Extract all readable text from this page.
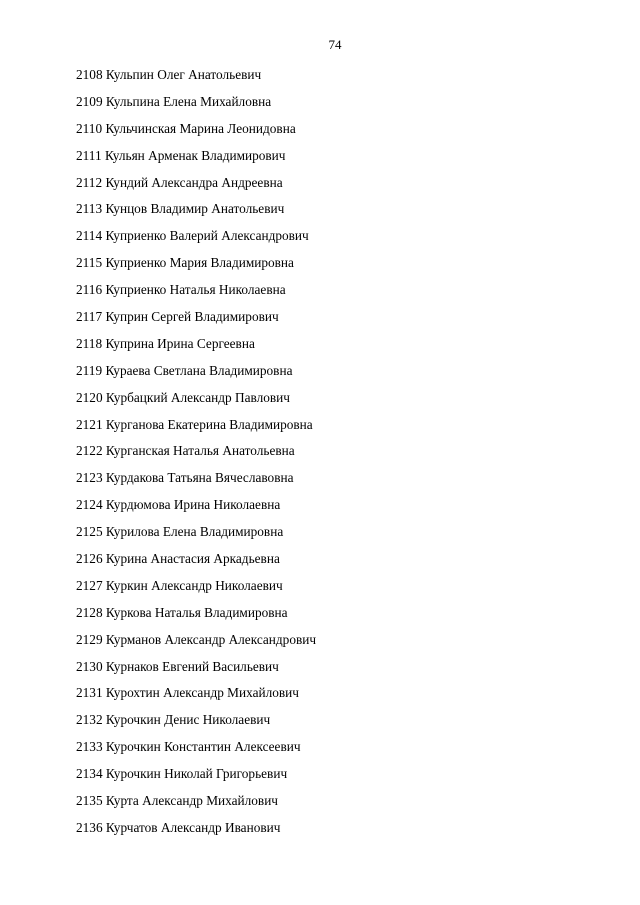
74
2108 Кульпин Олег Анатольевич
2109 Кульпина Елена Михайловна
2110 Кульчинская Марина Леонидовна
2111 Кульян Арменак Владимирович
2112 Кундий Александра Андреевна
2113 Кунцов Владимир Анатольевич
2114 Куприенко Валерий Александрович
2115 Куприенко Мария Владимировна
2116 Куприенко Наталья Николаевна
2117 Куприн Сергей Владимирович
2118 Куприна Ирина Сергеевна
2119 Кураева Светлана Владимировна
2120 Курбацкий Александр Павлович
2121 Курганова Екатерина Владимировна
2122 Курганская Наталья Анатольевна
2123 Курдакова Татьяна Вячеславовна
2124 Курдюмова Ирина Николаевна
2125 Курилова Елена Владимировна
2126 Курина Анастасия Аркадьевна
2127 Куркин Александр Николаевич
2128 Куркова Наталья Владимировна
2129 Курманов Александр Александрович
2130 Курнаков Евгений Васильевич
2131 Курохтин Александр Михайлович
2132 Курочкин Денис Николаевич
2133 Курочкин Константин Алексеевич
2134 Курочкин Николай Григорьевич
2135 Курта Александр Михайлович
2136 Курчатов Александр Иванович
